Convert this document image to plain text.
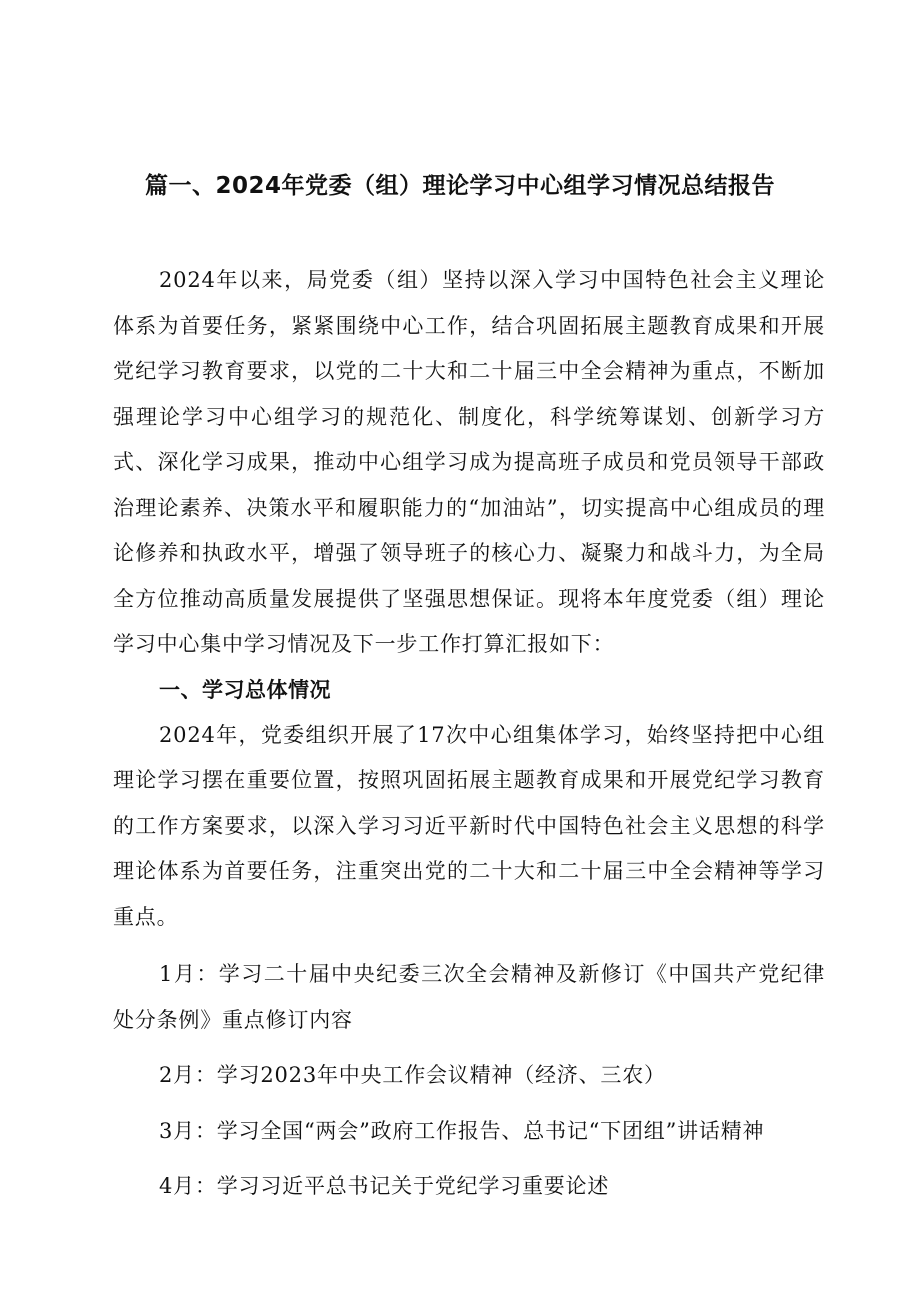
篇一、2024年党委（组）理论学习中心组学习情况总结报告

2024年以来，局党委（组）坚持以深入学习中国特色社会主义理论体系为首要任务，紧紧围绕中心工作，结合巩固拓展主题教育成果和开展党纪学习教育要求，以党的二十大和二十届三中全会精神为重点，不断加强理论学习中心组学习的规范化、制度化，科学统筹谋划、创新学习方式、深化学习成果，推动中心组学习成为提高班子成员和党员领导干部政治理论素养、决策水平和履职能力的“加油站”，切实提高中心组成员的理论修养和执政水平，增强了领导班子的核心力、凝聚力和战斗力，为全局全方位推动高质量发展提供了坚强思想保证。现将本年度党委（组）理论学习中心集中学习情况及下一步工作打算汇报如下：

一、学习总体情况

2024年，党委组织开展了17次中心组集体学习，始终坚持把中心组理论学习摆在重要位置，按照巩固拓展主题教育成果和开展党纪学习教育的工作方案要求，以深入学习习近平新时代中国特色社会主义思想的科学理论体系为首要任务，注重突出党的二十大和二十届三中全会精神等学习重点。

1月：学习二十届中央纪委三次全会精神及新修订《中国共产党纪律处分条例》重点修订内容

2月：学习2023年中央工作会议精神（经济、三农）

3月：学习全国“两会”政府工作报告、总书记“下团组”讲话精神

4月：学习习近平总书记关于党纪学习重要论述
